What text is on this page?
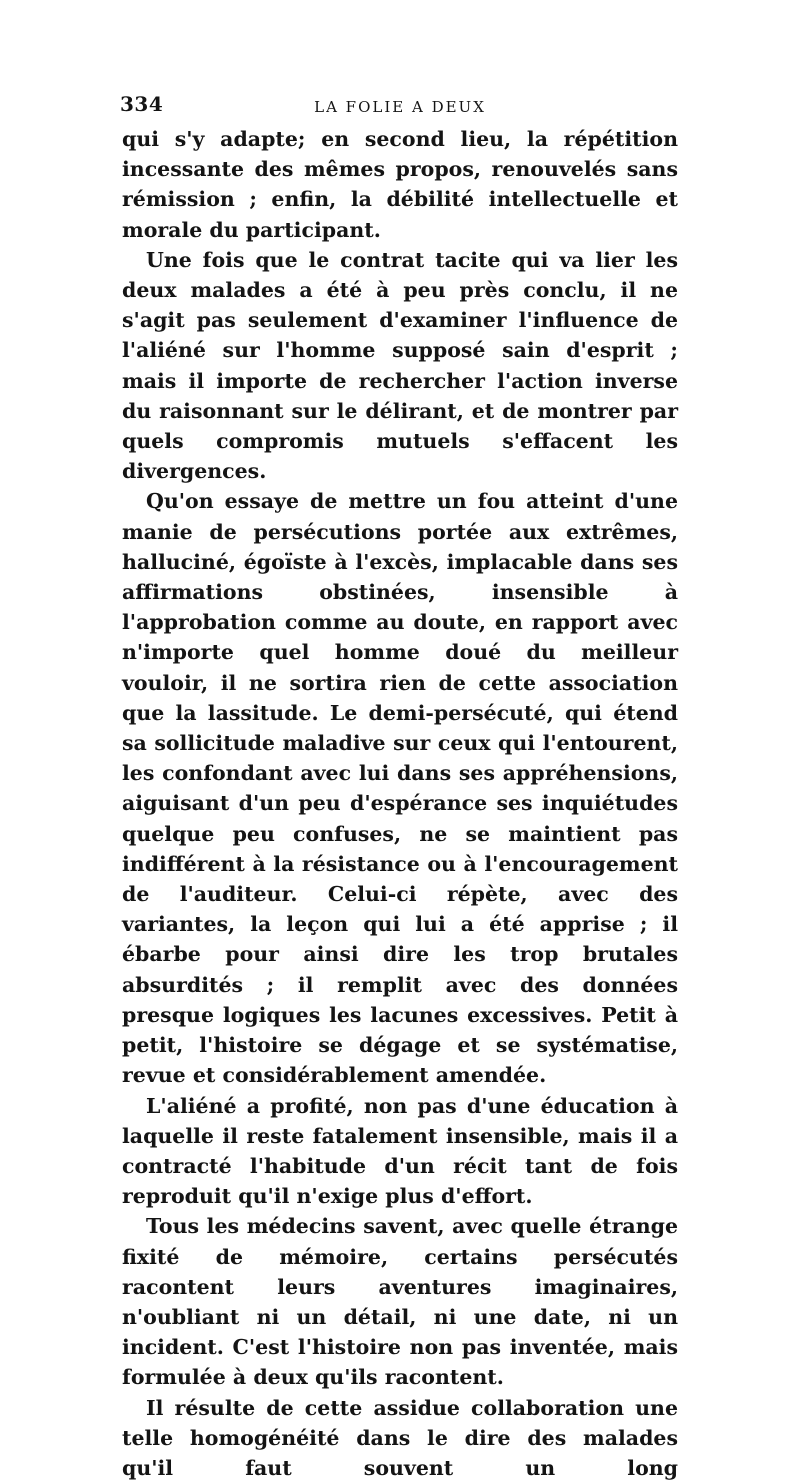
334	LA FOLIE A DEUX

qui s'y adapte; en second lieu, la répétition incessante des mêmes propos, renouvelés sans rémission ; enfin, la débilité intellectuelle et morale du participant.

Une fois que le contrat tacite qui va lier les deux malades a été à peu près conclu, il ne s'agit pas seulement d'examiner l'influence de l'aliéné sur l'homme supposé sain d'esprit ; mais il importe de rechercher l'action inverse du raisonnant sur le délirant, et de montrer par quels compromis mutuels s'effacent les divergences.

Qu'on essaye de mettre un fou atteint d'une manie de persécutions portée aux extrêmes, halluciné, égoïste à l'excès, implacable dans ses affirmations obstinées, insensible à l'approbation comme au doute, en rapport avec n'importe quel homme doué du meilleur vouloir, il ne sortira rien de cette association que la lassitude. Le demi-persécuté, qui étend sa sollicitude maladive sur ceux qui l'entourent, les confondant avec lui dans ses appréhensions, aiguisant d'un peu d'espérance ses inquiétudes quelque peu confuses, ne se maintient pas indifférent à la résistance ou à l'encouragement de l'auditeur. Celui-ci répète, avec des variantes, la leçon qui lui a été apprise ; il ébarbe pour ainsi dire les trop brutales absurdités ; il remplit avec des données presque logiques les lacunes excessives. Petit à petit, l'histoire se dégage et se systématise, revue et considérablement amendée.

L'aliéné a profité, non pas d'une éducation à laquelle il reste fatalement insensible, mais il a contracté l'habitude d'un récit tant de fois reproduit qu'il n'exige plus d'effort.

Tous les médecins savent, avec quelle étrange fixité de mémoire, certains persécutés racontent leurs aventures imaginaires, n'oubliant ni un détail, ni une date, ni un incident. C'est l'histoire non pas inventée, mais formulée à deux qu'ils racontent.

Il résulte de cette assidue collaboration une telle homogénéité dans le dire des malades qu'il faut souvent un long
